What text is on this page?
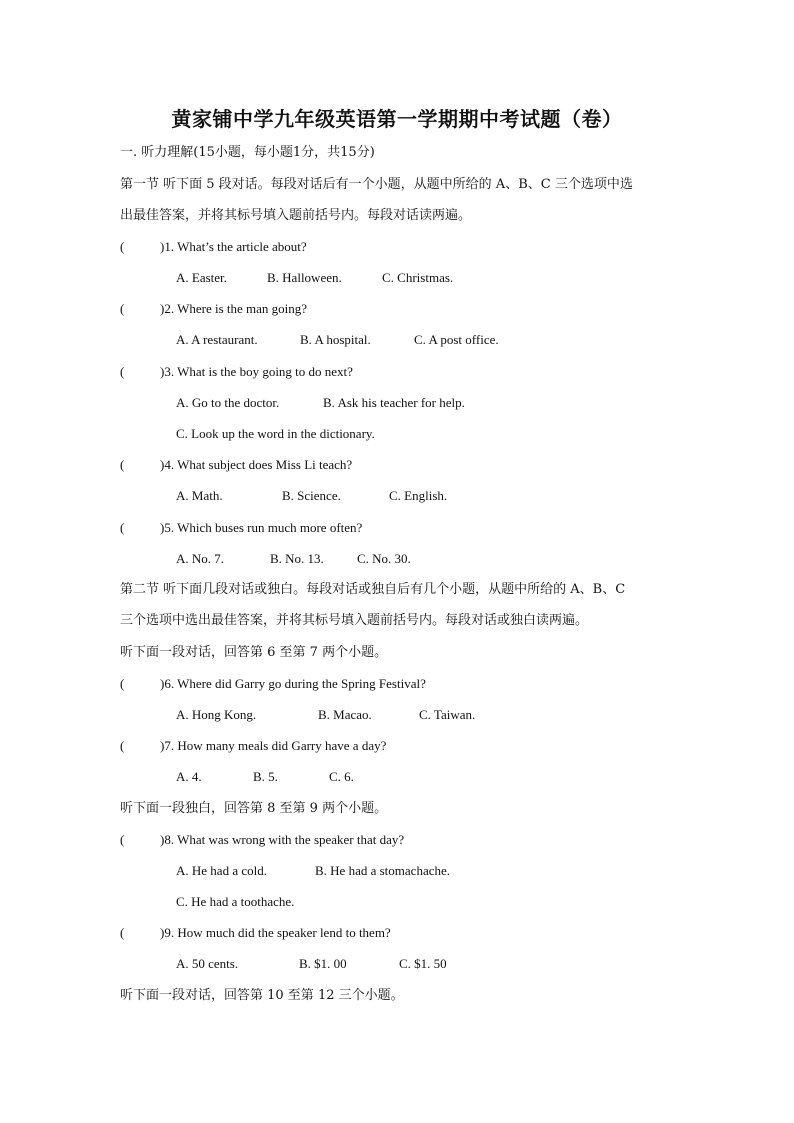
黄家铺中学九年级英语第一学期期中考试题（卷）
一. 听力理解(15小题，每小题1分，共15分)
第一节 听下面 5 段对话。每段对话后有一个小题，从题中所给的 A、B、C 三个选项中选
出最佳答案，并将其标号填入题前括号内。每段对话读两遍。
(	)1. What’s the article about?
A. Easter.	B. Halloween.	C. Christmas.
(	)2. Where is the man going?
A. A restaurant.	B. A hospital.	C. A post office.
(	)3. What is the boy going to do next?
A. Go to the doctor.	B. Ask his teacher for help.
C. Look up the word in the dictionary.
(	)4. What subject does Miss Li teach?
A. Math.	B. Science.	C. English.
(	)5. Which buses run much more often?
A. No. 7.	B. No. 13.	C. No. 30.
第二节 听下面几段对话或独白。每段对话或独自后有几个小题，从题中所给的 A、B、C
三个选项中选出最佳答案，并将其标号填入题前括号内。每段对话或独白读两遍。
听下面一段对话，回答第 6 至第 7 两个小题。
(	)6. Where did Garry go during the Spring Festival?
A. Hong Kong.	B. Macao.	C. Taiwan.
(	)7. How many meals did Garry have a day?
A. 4.	B. 5.	C. 6.
听下面一段独白，回答第 8 至第 9 两个小题。
(	)8. What was wrong with the speaker that day?
A. He had a cold.	B. He had a stomachache.
C. He had a toothache.
(	)9. How much did the speaker lend to them?
A. 50 cents.	B. $1. 00	C. $1. 50
听下面一段对话，回答第 10 至第 12 三个小题。
